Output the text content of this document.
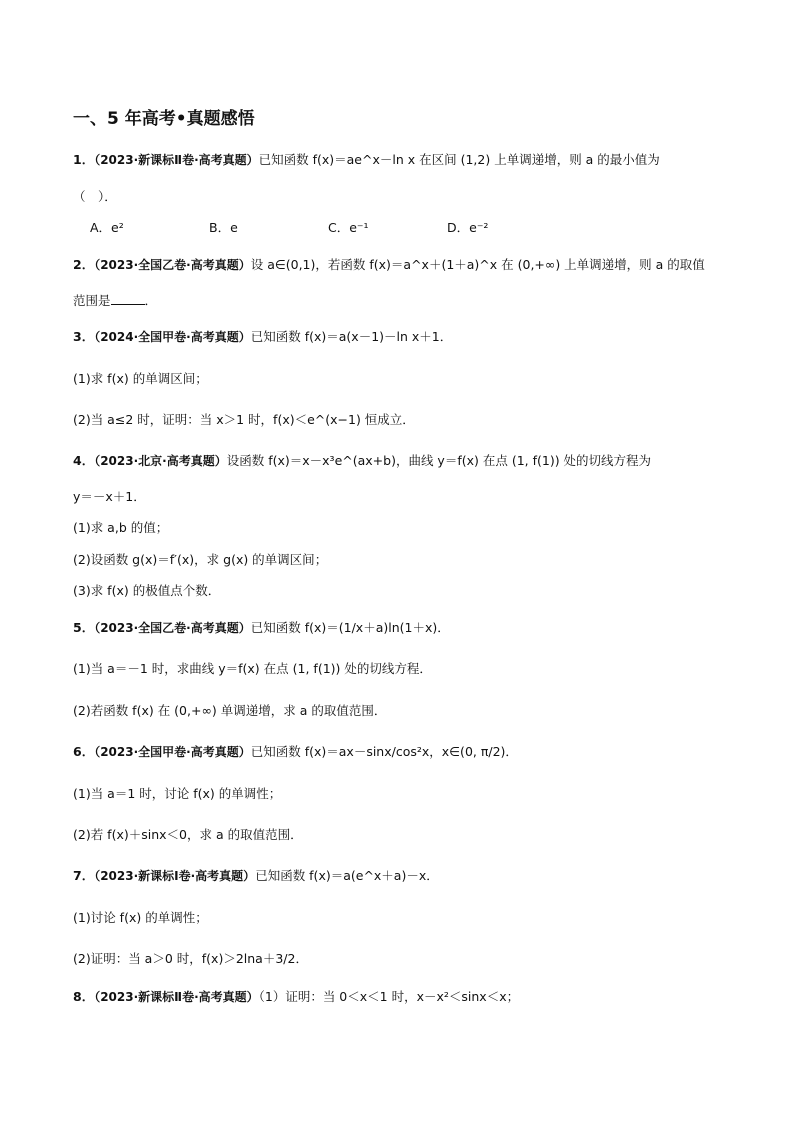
一、5 年高考•真题感悟
1．（2023·新课标Ⅱ卷·高考真题）已知函数 f(x)＝ae^x－ln x 在区间 (1,2) 上单调递增，则 a 的最小值为
（　）．
A．e²	B．e	C．e⁻¹	D．e⁻²
2．（2023·全国乙卷·高考真题）设 a∈(0,1)，若函数 f(x)＝a^x＋(1＋a)^x 在 (0,+∞) 上单调递增，则 a 的取值
范围是	．
3．（2024·全国甲卷·高考真题）已知函数 f(x)＝a(x－1)－ln x＋1．
(1)求 f(x) 的单调区间；
(2)当 a≤2 时，证明：当 x＞1 时，f(x)＜e^(x−1) 恒成立．
4．（2023·北京·高考真题）设函数 f(x)＝x－x³e^(ax+b)，曲线 y＝f(x) 在点 (1, f(1)) 处的切线方程为
y＝－x＋1．
(1)求 a,b 的值；
(2)设函数 g(x)＝f′(x)，求 g(x) 的单调区间；
(3)求 f(x) 的极值点个数．
5．（2023·全国乙卷·高考真题）已知函数 f(x)＝(1/x＋a)ln(1＋x)．
(1)当 a＝－1 时，求曲线 y＝f(x) 在点 (1, f(1)) 处的切线方程．
(2)若函数 f(x) 在 (0,+∞) 单调递增，求 a 的取值范围．
6．（2023·全国甲卷·高考真题）已知函数 f(x)＝ax－sinx/cos²x，x∈(0, π/2)．
(1)当 a＝1 时，讨论 f(x) 的单调性；
(2)若 f(x)＋sinx＜0，求 a 的取值范围．
7．（2023·新课标Ⅰ卷·高考真题）已知函数 f(x)＝a(e^x＋a)－x．
(1)讨论 f(x) 的单调性；
(2)证明：当 a＞0 时，f(x)＞2lna＋3/2．
8．（2023·新课标Ⅱ卷·高考真题）（1）证明：当 0＜x＜1 时，x－x²＜sinx＜x；
